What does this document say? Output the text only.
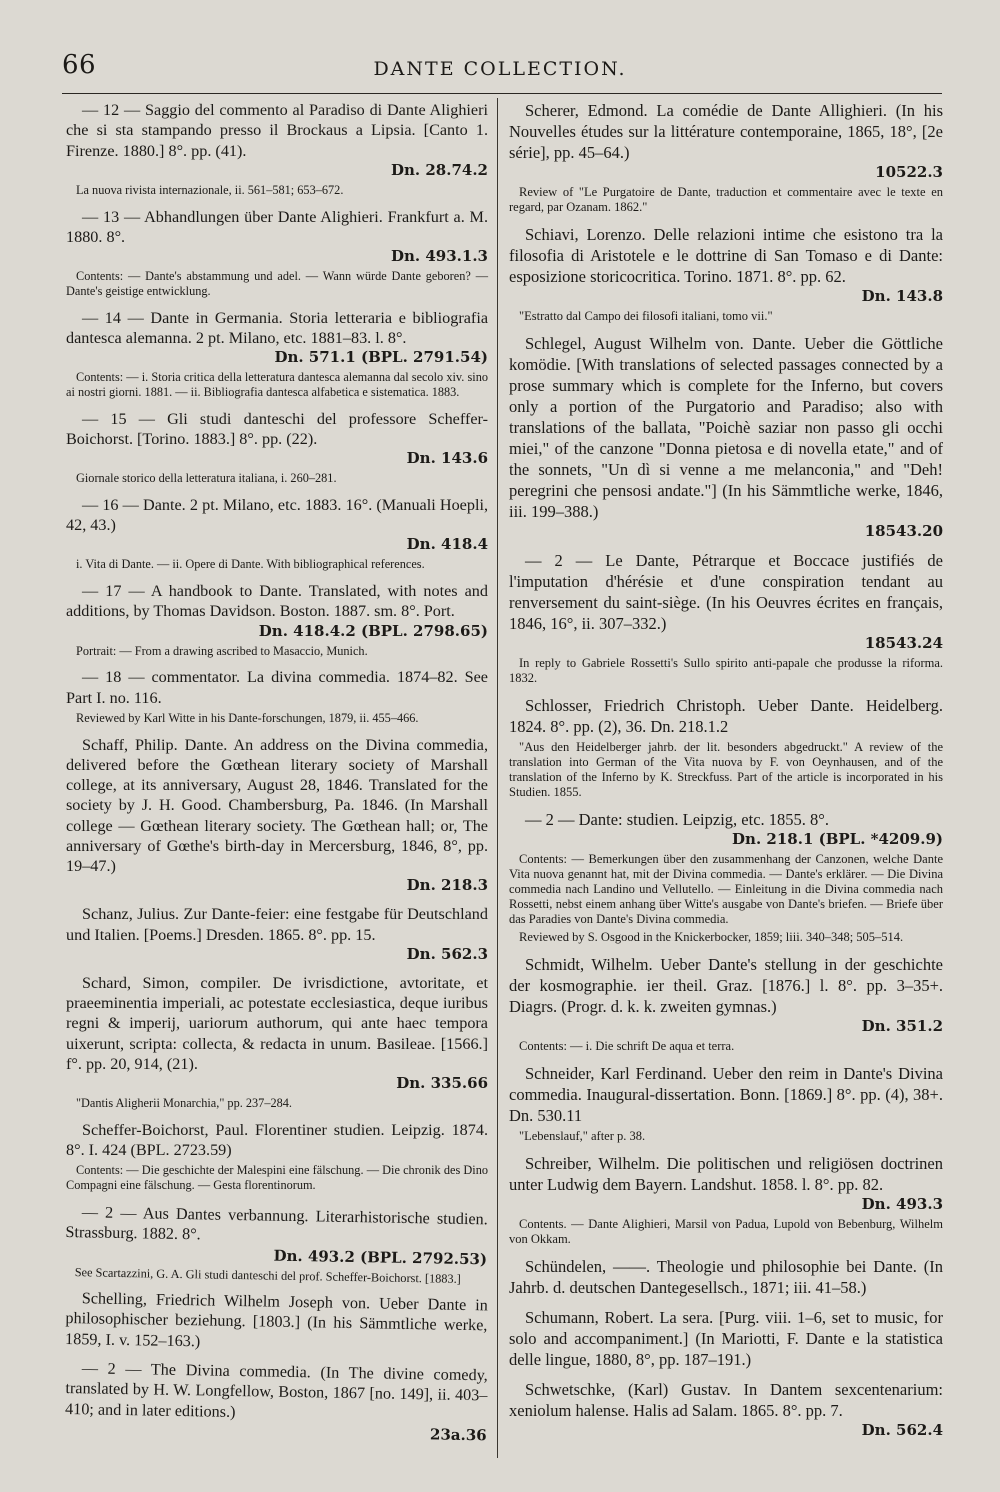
66	DANTE COLLECTION.
— 12 — Saggio del commento al Paradiso di Dante Alighieri che si sta stampando presso il Brockaus a Lipsia. [Canto 1. Firenze. 1880.] 8°. pp. (41).
Dn. 28.74.2
La nuova rivista internazionale, ii. 561–581; 653–672.
— 13 — Abhandlungen über Dante Alighieri. Frankfurt a. M. 1880. 8°.
Dn. 493.1.3
Contents: — Dante's abstammung und adel. — Wann würde Dante geboren? — Dante's geistige entwicklung.
— 14 — Dante in Germania. Storia letteraria e bibliografia dantesca alemanna. 2 pt. Milano, etc. 1881–83. l. 8°.
Dn. 571.1 (BPL. 2791.54)
Contents: — i. Storia critica della letteratura dantesca alemanna dal secolo xiv. sino ai nostri giorni. 1881. — ii. Bibliografia dantesca alfabetica e sistematica. 1883.
— 15 — Gli studi danteschi del professore Scheffer-Boichorst. [Torino. 1883.] 8°. pp. (22).
Dn. 143.6
Giornale storico della letteratura italiana, i. 260–281.
— 16 — Dante. 2 pt. Milano, etc. 1883. 16°. (Manuali Hoepli, 42, 43.)
Dn. 418.4
i. Vita di Dante. — ii. Opere di Dante. With bibliographical references.
— 17 — A handbook to Dante. Translated, with notes and additions, by Thomas Davidson. Boston. 1887. sm. 8°. Port.
Dn. 418.4.2 (BPL. 2798.65)
Portrait: — From a drawing ascribed to Masaccio, Munich.
— 18 — commentator. La divina commedia. 1874–82. See Part I. no. 116.
Reviewed by Karl Witte in his Dante-forschungen, 1879, ii. 455–466.
Schaff, Philip. Dante. An address on the Divina commedia, delivered before the Gœthean literary society of Marshall college, at its anniversary, August 28, 1846. Translated for the society by J. H. Good. Chambersburg, Pa. 1846. (In Marshall college — Gœthean literary society. The Gœthean hall; or, The anniversary of Gœthe's birth-day in Mercersburg, 1846, 8°, pp. 19–47.)
Dn. 218.3
Schanz, Julius. Zur Dante-feier: eine festgabe für Deutschland und Italien. [Poems.] Dresden. 1865. 8°. pp. 15.
Dn. 562.3
Schard, Simon, compiler. De ivrisdictione, avtoritate, et praeeminentia imperiali, ac potestate ecclesiastica, deque iuribus regni & imperij, uariorum authorum, qui ante haec tempora uixerunt, scripta: collecta, & redacta in unum. Basileae. [1566.] f°. pp. 20, 914, (21).
Dn. 335.66
"Dantis Aligherii Monarchia," pp. 237–284.
Scheffer-Boichorst, Paul. Florentiner studien. Leipzig. 1874. 8°. I. 424 (BPL. 2723.59)
Contents: — Die geschichte der Malespini eine fälschung. — Die chronik des Dino Compagni eine fälschung. — Gesta florentinorum.
— 2 — Aus Dantes verbannung. Literarhistorische studien. Strassburg. 1882. 8°.
Dn. 493.2 (BPL. 2792.53)
See Scartazzini, G. A. Gli studi danteschi del prof. Scheffer-Boichorst. [1883.]
Schelling, Friedrich Wilhelm Joseph von. Ueber Dante in philosophischer beziehung. [1803.] (In his Sämmtliche werke, 1859, I. v. 152–163.)
— 2 — The Divina commedia. (In The divine comedy, translated by H. W. Longfellow, Boston, 1867 [no. 149], ii. 403–410; and in later editions.)
23a.36
Scherer, Edmond. La comédie de Dante Allighieri. (In his Nouvelles études sur la littérature contemporaine, 1865, 18°, [2e série], pp. 45–64.)
10522.3
Review of "Le Purgatoire de Dante, traduction et commentaire avec le texte en regard, par Ozanam. 1862."
Schiavi, Lorenzo. Delle relazioni intime che esistono tra la filosofia di Aristotele e le dottrine di San Tomaso e di Dante: esposizione storicocritica. Torino. 1871. 8°. pp. 62.
Dn. 143.8
"Estratto dal Campo dei filosofi italiani, tomo vii."
Schlegel, August Wilhelm von. Dante. Ueber die Göttliche komödie. [With translations of selected passages connected by a prose summary which is complete for the Inferno, but covers only a portion of the Purgatorio and Paradiso; also with translations of the ballata, "Poichè saziar non passo gli occhi miei," of the canzone "Donna pietosa e di novella etate," and of the sonnets, "Un dì si venne a me melanconia," and "Deh! peregrini che pensosi andate."] (In his Sämmtliche werke, 1846, iii. 199–388.)
18543.20
— 2 — Le Dante, Pétrarque et Boccace justifiés de l'imputation d'hérésie et d'une conspiration tendant au renversement du saint-siège. (In his Oeuvres écrites en français, 1846, 16°, ii. 307–332.)
18543.24
In reply to Gabriele Rossetti's Sullo spirito anti-papale che produsse la riforma. 1832.
Schlosser, Friedrich Christoph. Ueber Dante. Heidelberg. 1824. 8°. pp. (2), 36. Dn. 218.1.2
"Aus den Heidelberger jahrb. der lit. besonders abgedruckt." A review of the translation into German of the Vita nuova by F. von Oeynhausen, and of the translation of the Inferno by K. Streckfuss. Part of the article is incorporated in his Studien. 1855.
— 2 — Dante: studien. Leipzig, etc. 1855. 8°.
Dn. 218.1 (BPL. *4209.9)
Contents: — Bemerkungen über den zusammenhang der Canzonen, welche Dante Vita nuova genannt hat, mit der Divina commedia. — Dante's erklärer. — Die Divina commedia nach Landino und Vellutello. — Einleitung in die Divina commedia nach Rossetti, nebst einem anhang über Witte's ausgabe von Dante's briefen. — Briefe über das Paradies von Dante's Divina commedia.
Reviewed by S. Osgood in the Knickerbocker, 1859; liii. 340–348; 505–514.
Schmidt, Wilhelm. Ueber Dante's stellung in der geschichte der kosmographie. ier theil. Graz. [1876.] l. 8°. pp. 3–35+. Diagrs. (Progr. d. k. k. zweiten gymnas.)
Dn. 351.2
Contents: — i. Die schrift De aqua et terra.
Schneider, Karl Ferdinand. Ueber den reim in Dante's Divina commedia. Inaugural-dissertation. Bonn. [1869.] 8°. pp. (4), 38+. Dn. 530.11
"Lebenslauf," after p. 38.
Schreiber, Wilhelm. Die politischen und religiösen doctrinen unter Ludwig dem Bayern. Landshut. 1858. l. 8°. pp. 82.
Dn. 493.3
Contents. — Dante Alighieri, Marsil von Padua, Lupold von Bebenburg, Wilhelm von Okkam.
Schündelen, ——. Theologie und philosophie bei Dante. (In Jahrb. d. deutschen Dantegesellsch., 1871; iii. 41–58.)
Schumann, Robert. La sera. [Purg. viii. 1–6, set to music, for solo and accompaniment.] (In Mariotti, F. Dante e la statistica delle lingue, 1880, 8°, pp. 187–191.)
Schwetschke, (Karl) Gustav. In Dantem sexcentenarium: xeniolum halense. Halis ad Salam. 1865. 8°. pp. 7.
Dn. 562.4
